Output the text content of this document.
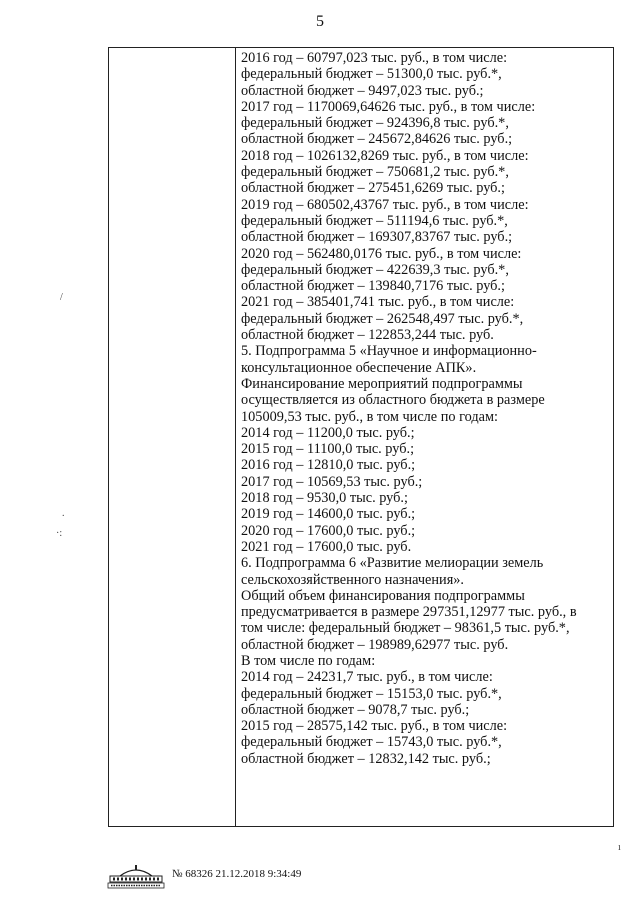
5

2016 год – 60797,023 тыс. руб., в том числе:

федеральный бюджет – 51300,0 тыс. руб.*,

областной бюджет – 9497,023 тыс. руб.;

2017 год – 1170069,64626 тыс. руб., в том числе:

федеральный бюджет – 924396,8 тыс. руб.*,

областной бюджет – 245672,84626 тыс. руб.;

2018 год – 1026132,8269 тыс. руб., в том числе:

федеральный бюджет – 750681,2 тыс. руб.*,

областной бюджет – 275451,6269 тыс. руб.;

2019 год – 680502,43767 тыс. руб., в том числе:

федеральный бюджет – 511194,6 тыс. руб.*,

областной бюджет – 169307,83767 тыс. руб.;

2020 год – 562480,0176 тыс. руб., в том числе:

федеральный бюджет – 422639,3 тыс. руб.*,

областной бюджет – 139840,7176 тыс. руб.;

2021 год – 385401,741 тыс. руб., в том числе:

федеральный бюджет – 262548,497 тыс. руб.*,

областной бюджет – 122853,244 тыс. руб.

5. Подпрограмма 5 «Научное и информационно-

консультационное обеспечение АПК».

Финансирование мероприятий подпрограммы

осуществляется из областного бюджета в размере

105009,53 тыс. руб., в том числе по годам:

2014 год – 11200,0 тыс. руб.;

2015 год – 11100,0 тыс. руб.;

2016 год – 12810,0 тыс. руб.;

2017 год – 10569,53 тыс. руб.;

2018 год – 9530,0 тыс. руб.;

2019 год – 14600,0 тыс. руб.;

2020 год – 17600,0 тыс. руб.;

2021 год – 17600,0 тыс. руб.

6. Подпрограмма 6 «Развитие мелиорации земель

сельскохозяйственного назначения».

Общий объем финансирования подпрограммы

предусматривается в размере 297351,12977 тыс. руб., в

том числе: федеральный бюджет – 98361,5 тыс. руб.*,

областной бюджет – 198989,62977 тыс. руб.

В том числе по годам:

2014 год – 24231,7 тыс. руб., в том числе:

федеральный бюджет – 15153,0 тыс. руб.*,

областной бюджет – 9078,7 тыс. руб.;

2015 год – 28575,142 тыс. руб., в том числе:

федеральный бюджет – 15743,0 тыс. руб.*,

областной бюджет – 12832,142 тыс. руб.;

/
·:
.
ı
№ 68326 21.12.2018 9:34:49
